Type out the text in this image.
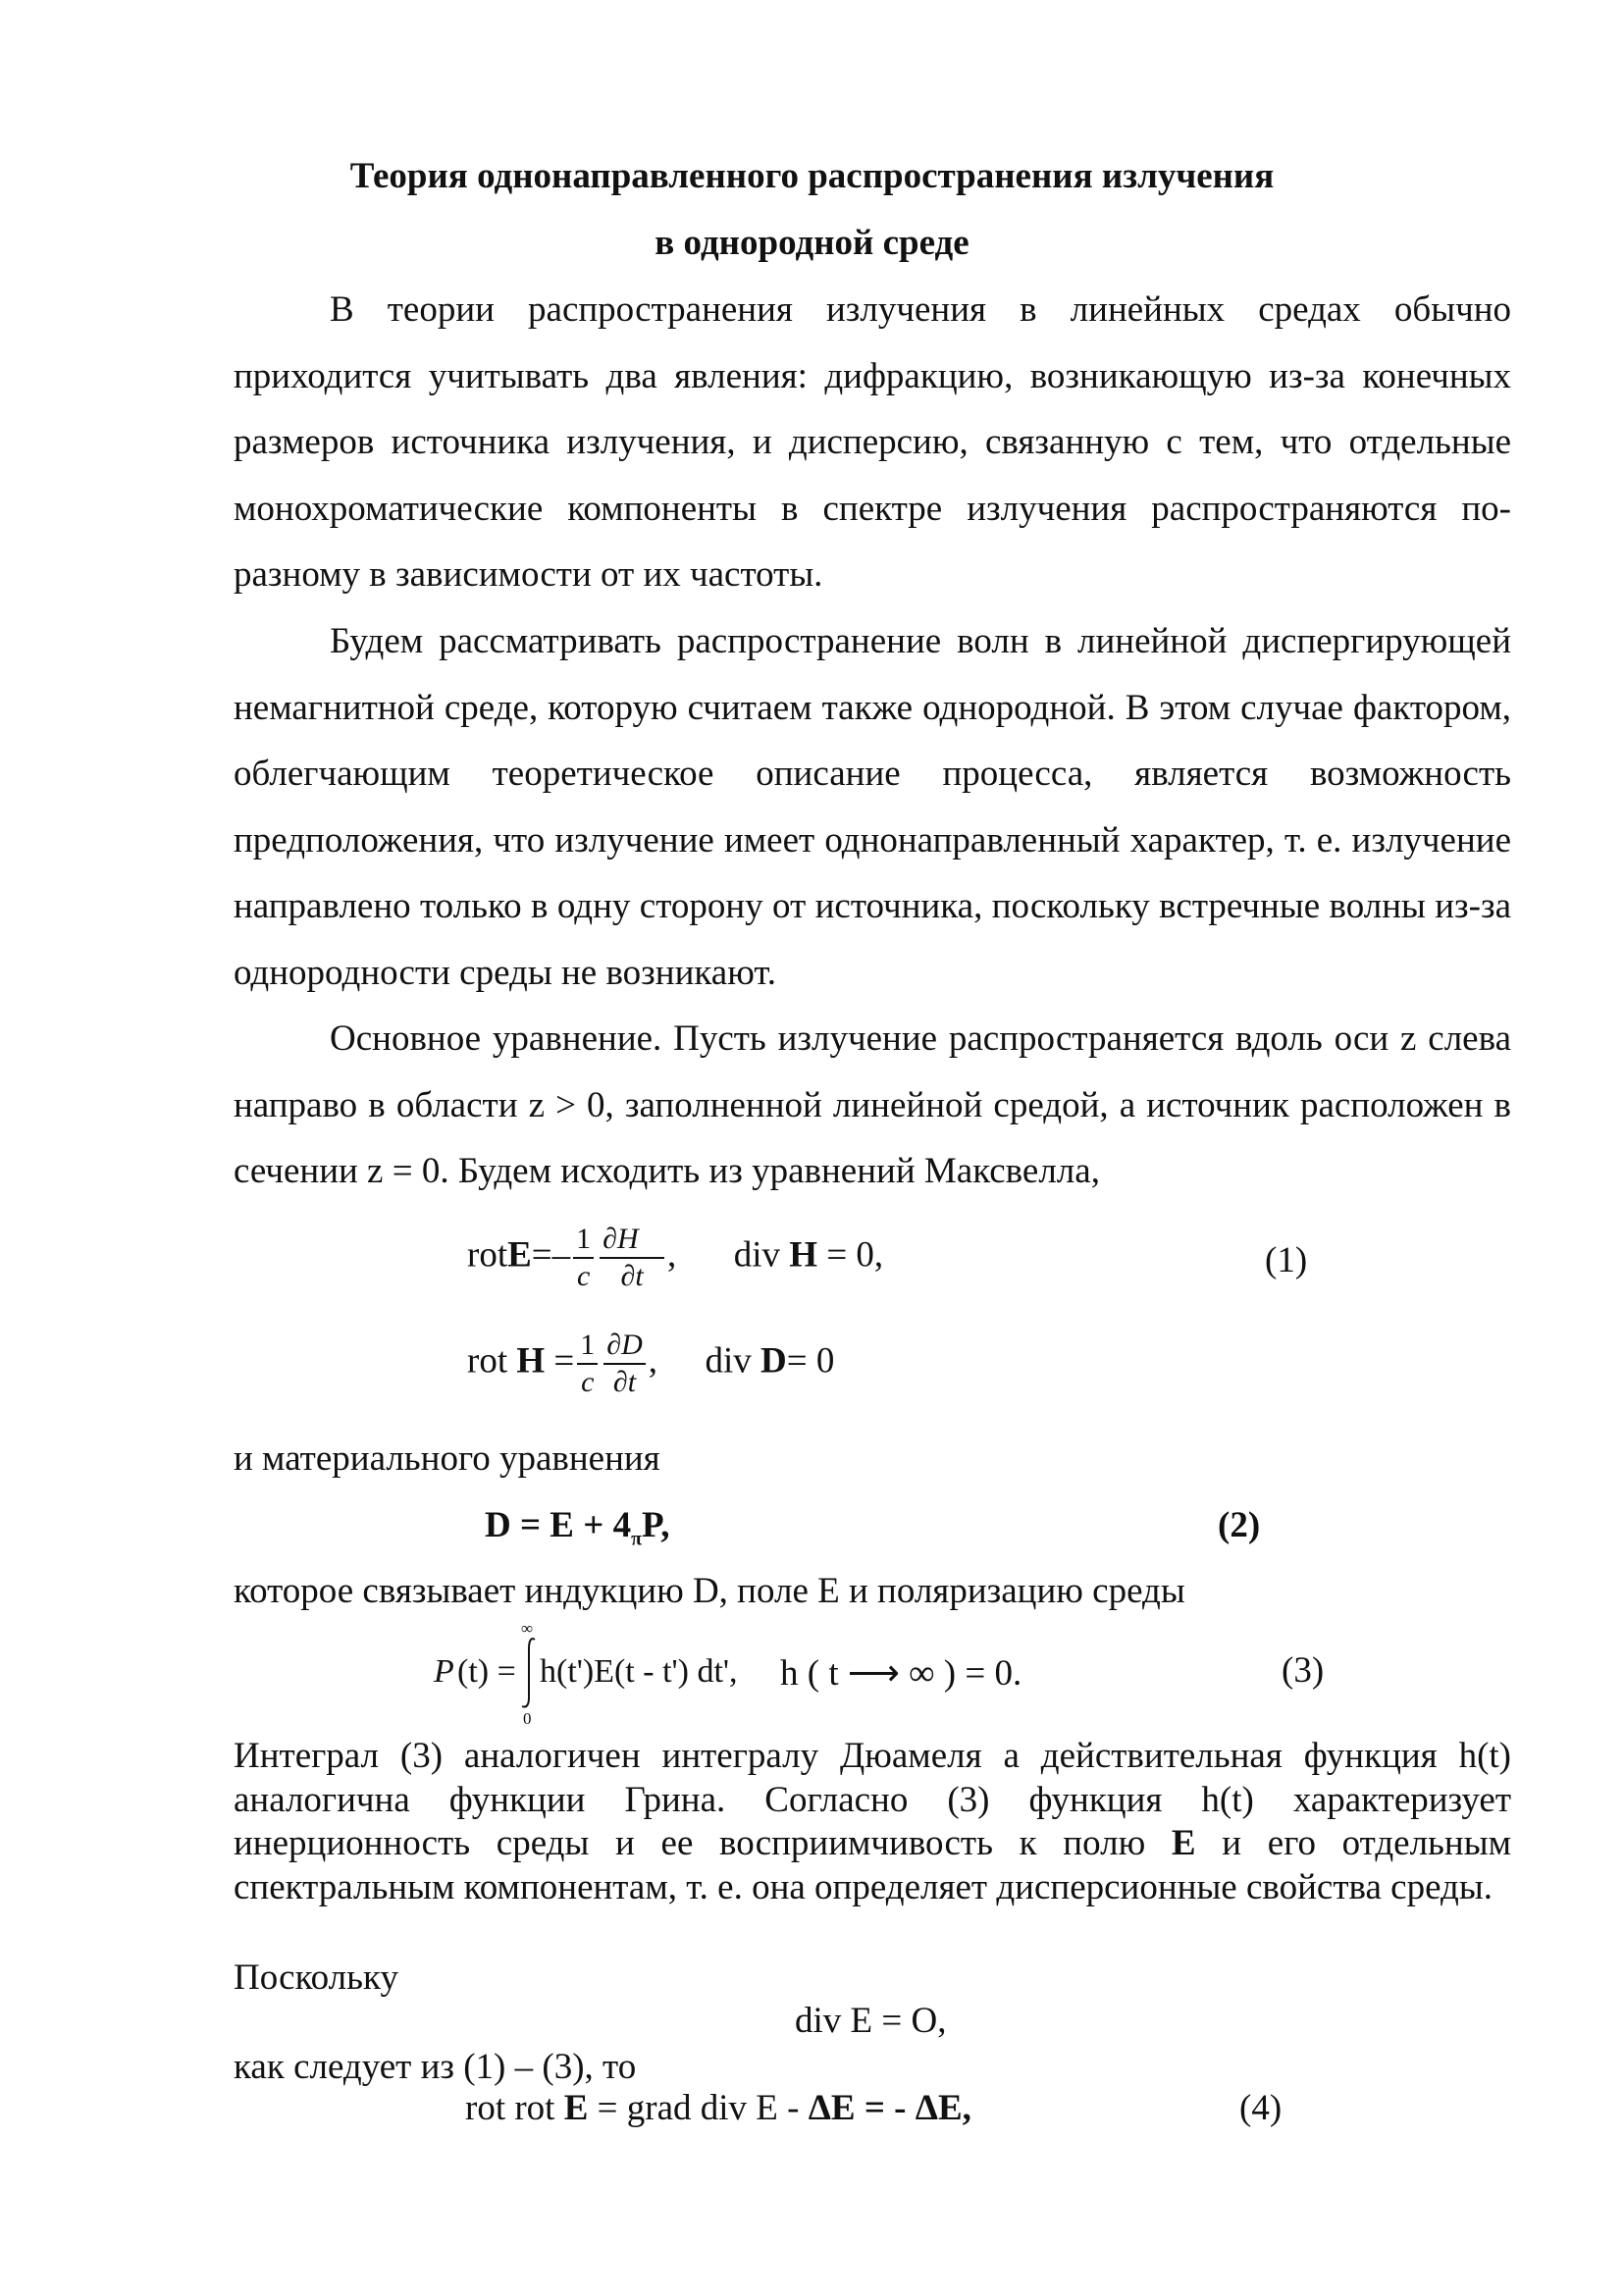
Теория однонаправленного распространения излучения
в однородной среде
В теории распространения излучения в линейных средах обычно приходится учитывать два явления: дифракцию, возникающую из-за конечных размеров источника излучения, и дисперсию, связанную с тем, что отдельные монохроматические компоненты в спектре излучения распространяются по-разному в зависимости от их частоты.
Будем рассматривать распространение волн в линейной диспергирующей немагнитной среде, которую считаем также однородной. В этом случае фактором, облегчающим теоретическое описание процесса, является возможность предположения, что излучение имеет однонаправленный характер, т. е. излучение направлено только в одну сторону от источника, поскольку встречные волны из-за однородности среды не возникают.
Основное уравнение. Пусть излучение распространяется вдоль оси z слева направо в области z > 0, заполненной линейной средой, а источник расположен в сечении z = 0. Будем исходить из уравнений Максвелла,
rotE=– $\frac{1}{c} \frac{\partial H⃗}{\partial t}$ , div H = 0,	(1)
rot $H = \frac{1}{c} \frac{\partial D}{\partial t}$ , div D= 0
и материального уравнения
$D = E + 4_\pi P$,	(2)
которое связывает индукцию D, поле E и поляризацию среды
P (t) =
∞
0
h(t')E(t - t') dt', h ( t ⟶ ∞ ) = 0.	(3)
Интеграл (3) аналогичен интегралу Дюамеля а действительная функция h(t) аналогична функции Грина. Согласно (3) функция h(t) характеризует инерционность среды и ее восприимчивость к полю E и его отдельным спектральным компонентам, т. е. она определяет дисперсионные свойства среды.
Поскольку
div E = O,
как следует из (1) – (3), то
rot rot E = grad div E - ΔE = - ΔE,	(4)
